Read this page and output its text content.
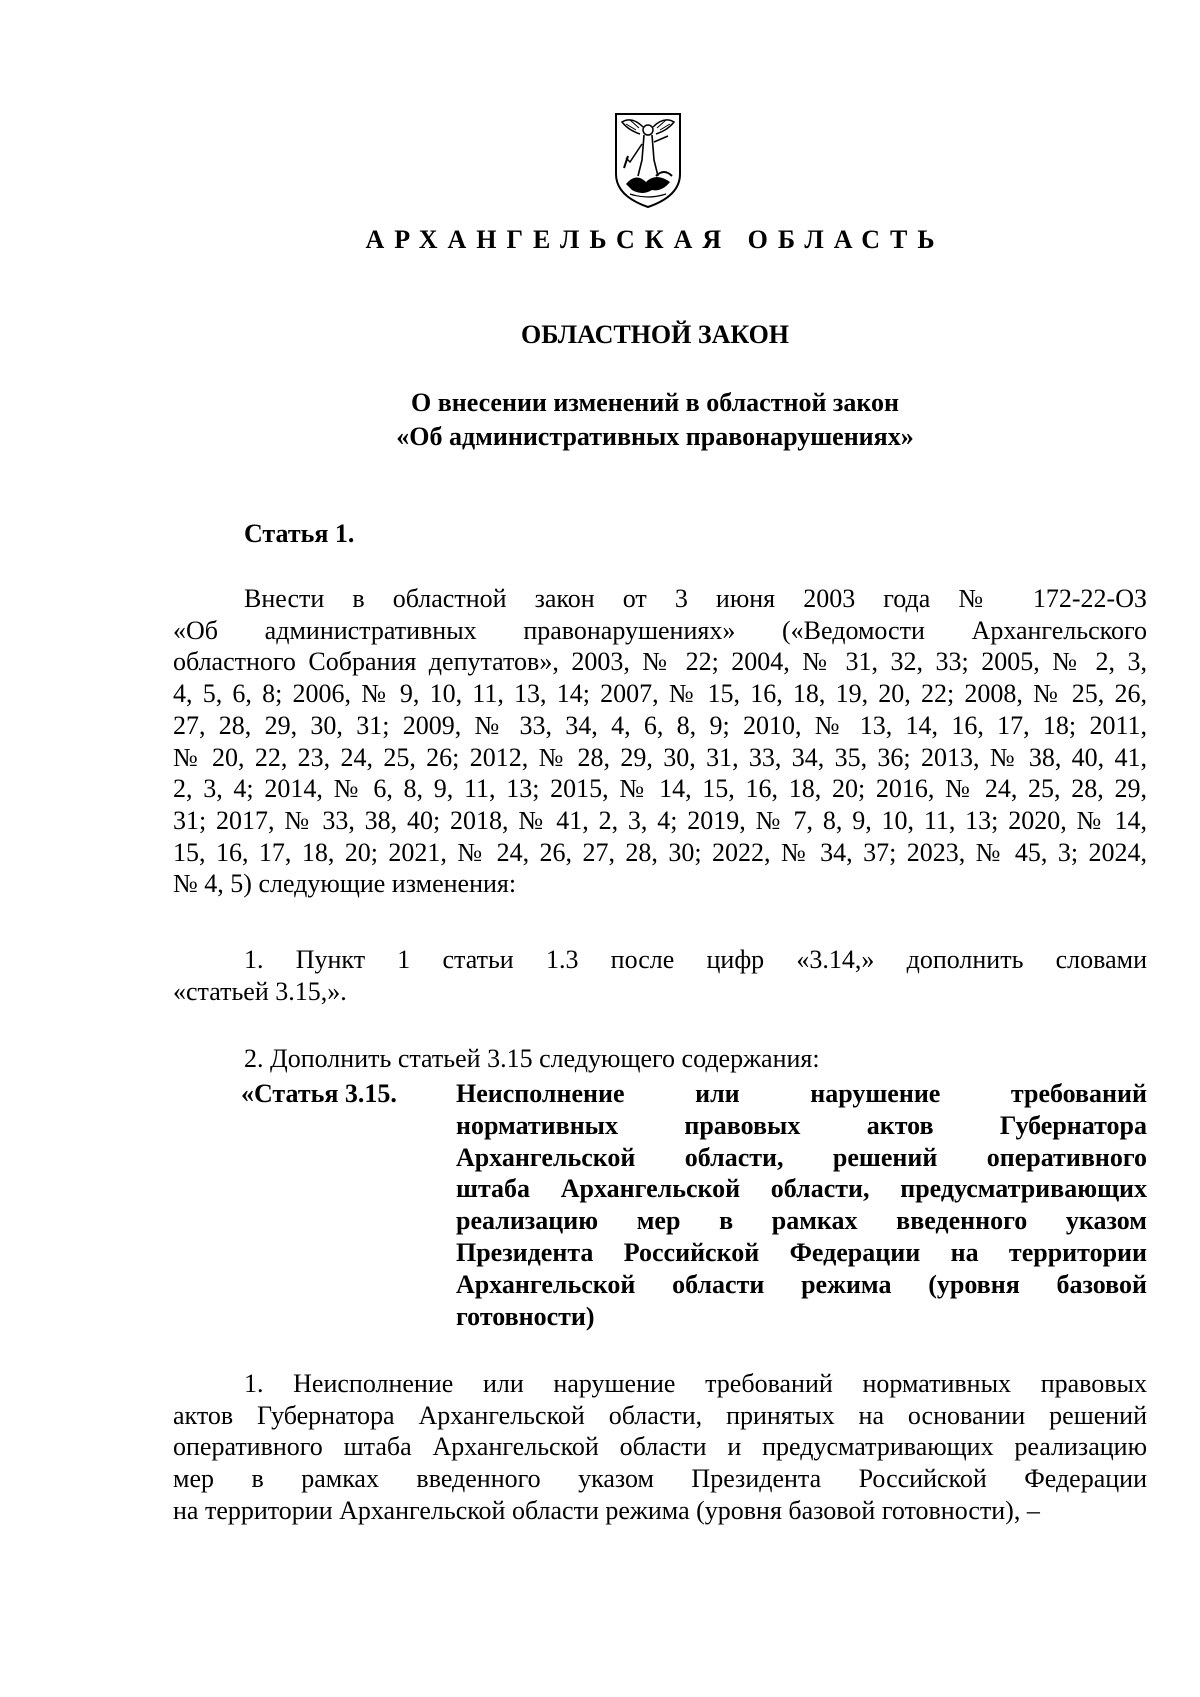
АРХАНГЕЛЬСКАЯ ОБЛАСТЬ
ОБЛАСТНОЙ ЗАКОН
О внесении изменений в областной закон
«Об административных правонарушениях»
Статья 1.
Внести в областной закон от 3 июня 2003 года № 172-22-ОЗ
«Об административных правонарушениях» («Ведомости Архангельского
областного Собрания депутатов», 2003, № 22; 2004, № 31, 32, 33; 2005, № 2, 3,
4, 5, 6, 8; 2006, № 9, 10, 11, 13, 14; 2007, № 15, 16, 18, 19, 20, 22; 2008, № 25, 26,
27, 28, 29, 30, 31; 2009, № 33, 34, 4, 6, 8, 9; 2010, № 13, 14, 16, 17, 18; 2011,
№ 20, 22, 23, 24, 25, 26; 2012, № 28, 29, 30, 31, 33, 34, 35, 36; 2013, № 38, 40, 41,
2, 3, 4; 2014, № 6, 8, 9, 11, 13; 2015, № 14, 15, 16, 18, 20; 2016, № 24, 25, 28, 29,
31; 2017, № 33, 38, 40; 2018, № 41, 2, 3, 4; 2019, № 7, 8, 9, 10, 11, 13; 2020, № 14,
15, 16, 17, 18, 20; 2021, № 24, 26, 27, 28, 30; 2022, № 34, 37; 2023, № 45, 3; 2024,
№ 4, 5) следующие изменения:
1. Пункт 1 статьи 1.3 после цифр «3.14,» дополнить словами
«статьей 3.15,».
2. Дополнить статьей 3.15 следующего содержания:
«Статья 3.15. Неисполнение или нарушение требований
нормативных правовых актов Губернатора
Архангельской области, решений оперативного
штаба Архангельской области, предусматривающих
реализацию мер в рамках введенного указом
Президента Российской Федерации на территории
Архангельской области режима (уровня базовой
готовности)
1. Неисполнение или нарушение требований нормативных правовых
актов Губернатора Архангельской области, принятых на основании решений
оперативного штаба Архангельской области и предусматривающих реализацию
мер в рамках введенного указом Президента Российской Федерации
на территории Архангельской области режима (уровня базовой готовности), –
